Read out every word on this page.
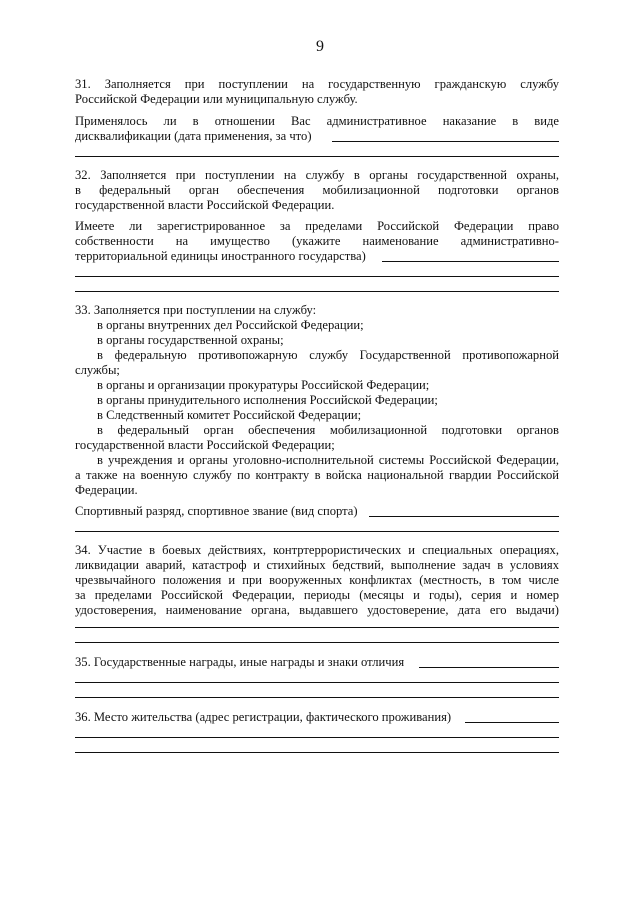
9
31. Заполняется при поступлении на государственную гражданскую службу
Российской Федерации или муниципальную службу.
Применялось ли в отношении Вас административное наказание в виде
дисквалификации (дата применения, за что)
32. Заполняется при поступлении на службу в органы государственной охраны,
в федеральный орган обеспечения мобилизационной подготовки органов
государственной власти Российской Федерации.
Имеете ли зарегистрированное за пределами Российской Федерации право
собственности на имущество (укажите наименование административно-
территориальной единицы иностранного государства)
33. Заполняется при поступлении на службу:
в органы внутренних дел Российской Федерации;
в органы государственной охраны;
в федеральную противопожарную службу Государственной противопожарной
службы;
в органы и организации прокуратуры Российской Федерации;
в органы принудительного исполнения Российской Федерации;
в Следственный комитет Российской Федерации;
в федеральный орган обеспечения мобилизационной подготовки органов
государственной власти Российской Федерации;
в учреждения и органы уголовно-исполнительной системы Российской Федерации,
а также на военную службу по контракту в войска национальной гвардии Российской
Федерации.
Спортивный разряд, спортивное звание (вид спорта)
34. Участие в боевых действиях, контртеррористических и специальных операциях,
ликвидации аварий, катастроф и стихийных бедствий, выполнение задач в условиях
чрезвычайного положения и при вооруженных конфликтах (местность, в том числе
за пределами Российской Федерации, периоды (месяцы и годы), серия и номер
удостоверения, наименование органа, выдавшего удостоверение, дата его выдачи)
35. Государственные награды, иные награды и знаки отличия
36. Место жительства (адрес регистрации, фактического проживания)
